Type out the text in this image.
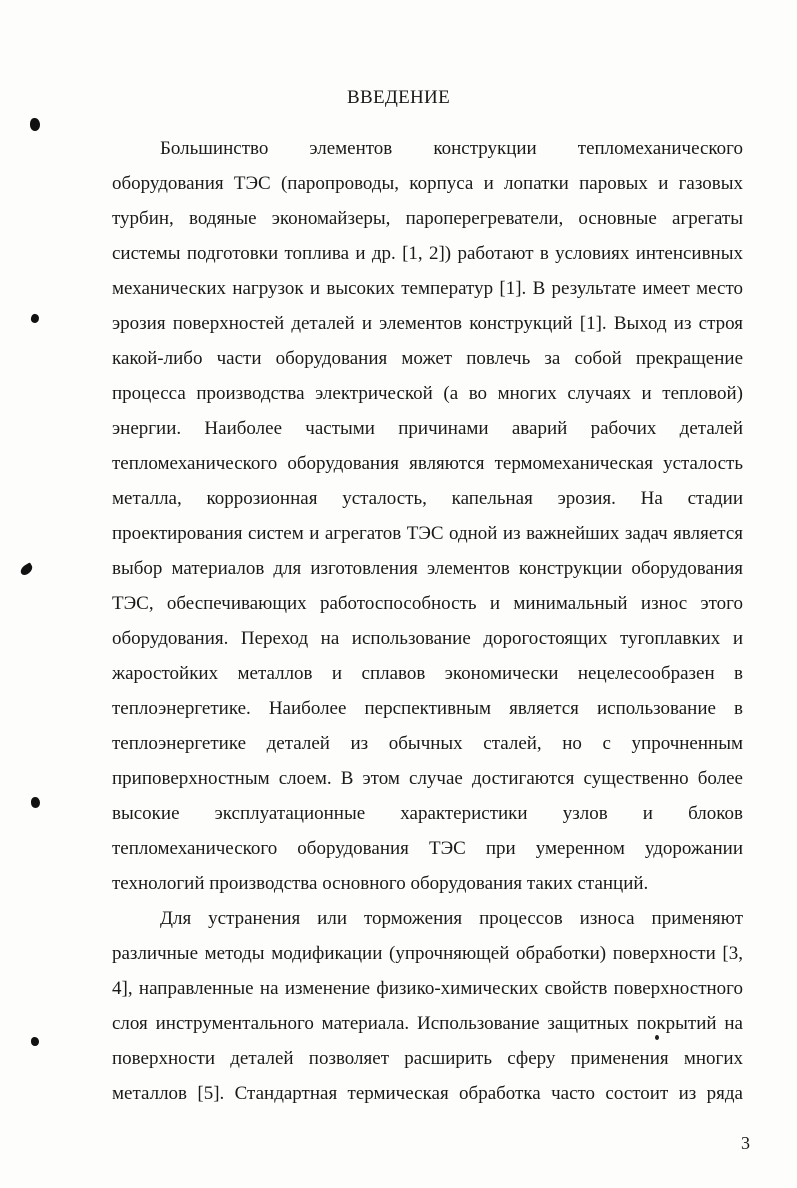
ВВЕДЕНИЕ
Большинство элементов конструкции тепломеханического
оборудования ТЭС (паропроводы, корпуса и лопатки паровых и газовых
турбин, водяные экономайзеры, пароперегреватели, основные агрегаты
системы подготовки топлива и др. [1, 2]) работают в условиях интенсивных
механических нагрузок и высоких температур [1]. В результате имеет место
эрозия поверхностей деталей и элементов конструкций [1]. Выход из строя
какой-либо части оборудования может повлечь за собой прекращение
процесса производства электрической (а во многих случаях и тепловой)
энергии. Наиболее частыми причинами аварий рабочих деталей
тепломеханического оборудования являются термомеханическая усталость
металла, коррозионная усталость, капельная эрозия. На стадии
проектирования систем и агрегатов ТЭС одной из важнейших задач является
выбор материалов для изготовления элементов конструкции оборудования
ТЭС, обеспечивающих работоспособность и минимальный износ этого
оборудования. Переход на использование дорогостоящих тугоплавких и
жаростойких металлов и сплавов экономически нецелесообразен в
теплоэнергетике. Наиболее перспективным является использование в
теплоэнергетике деталей из обычных сталей, но с упрочненным
приповерхностным слоем. В этом случае достигаются существенно более
высокие эксплуатационные характеристики узлов и блоков
тепломеханического оборудования ТЭС при умеренном удорожании
технологий производства основного оборудования таких станций.
Для устранения или торможения процессов износа применяют
различные методы модификации (упрочняющей обработки) поверхности [3,
4], направленные на изменение физико-химических свойств поверхностного
слоя инструментального материала. Использование защитных покрытий на
поверхности деталей позволяет расширить сферу применения многих
металлов [5]. Стандартная термическая обработка часто состоит из ряда
3
